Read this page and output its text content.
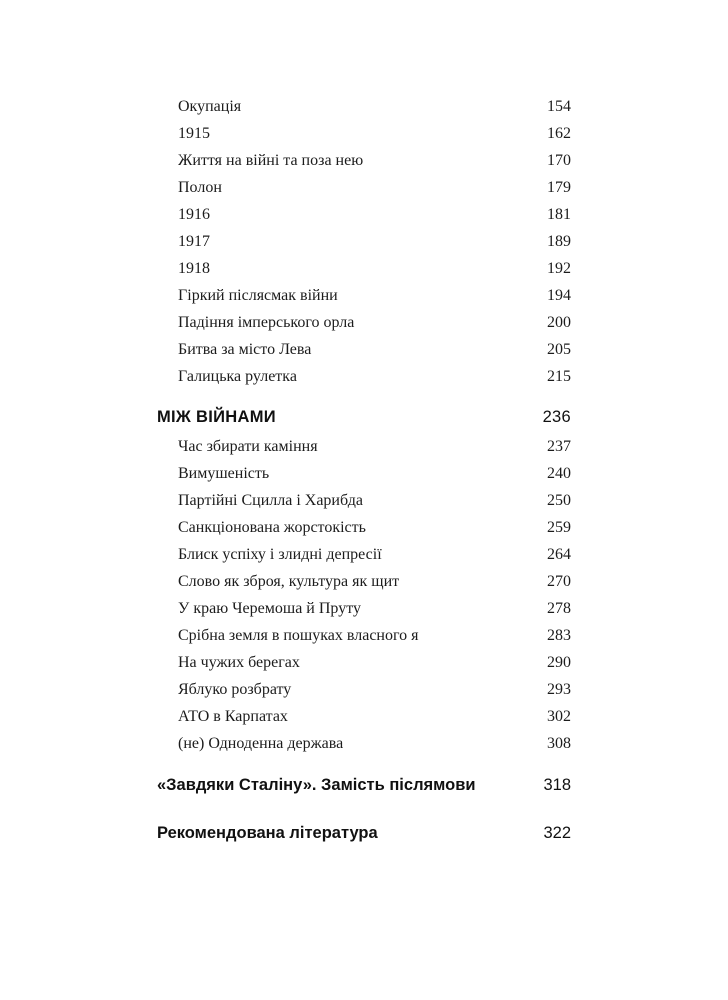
Окупація	154
1915	162
Життя на війні та поза нею	170
Полон	179
1916	181
1917	189
1918	192
Гіркий післясмак війни	194
Падіння імперського орла	200
Битва за місто Лева	205
Галицька рулетка	215
МІЖ ВІЙНАМИ	236
Час збирати каміння	237
Вимушеність	240
Партійні Сцилла і Харибда	250
Санкціонована жорстокість	259
Блиск успіху і злидні депресії	264
Слово як зброя, культура як щит	270
У краю Черемоша й Пруту	278
Срібна земля в пошуках власного я	283
На чужих берегах	290
Яблуко розбрату	293
АТО в Карпатах	302
(не) Одноденна держава	308
«Завдяки Сталіну». Замість післямови	318
Рекомендована література	322
